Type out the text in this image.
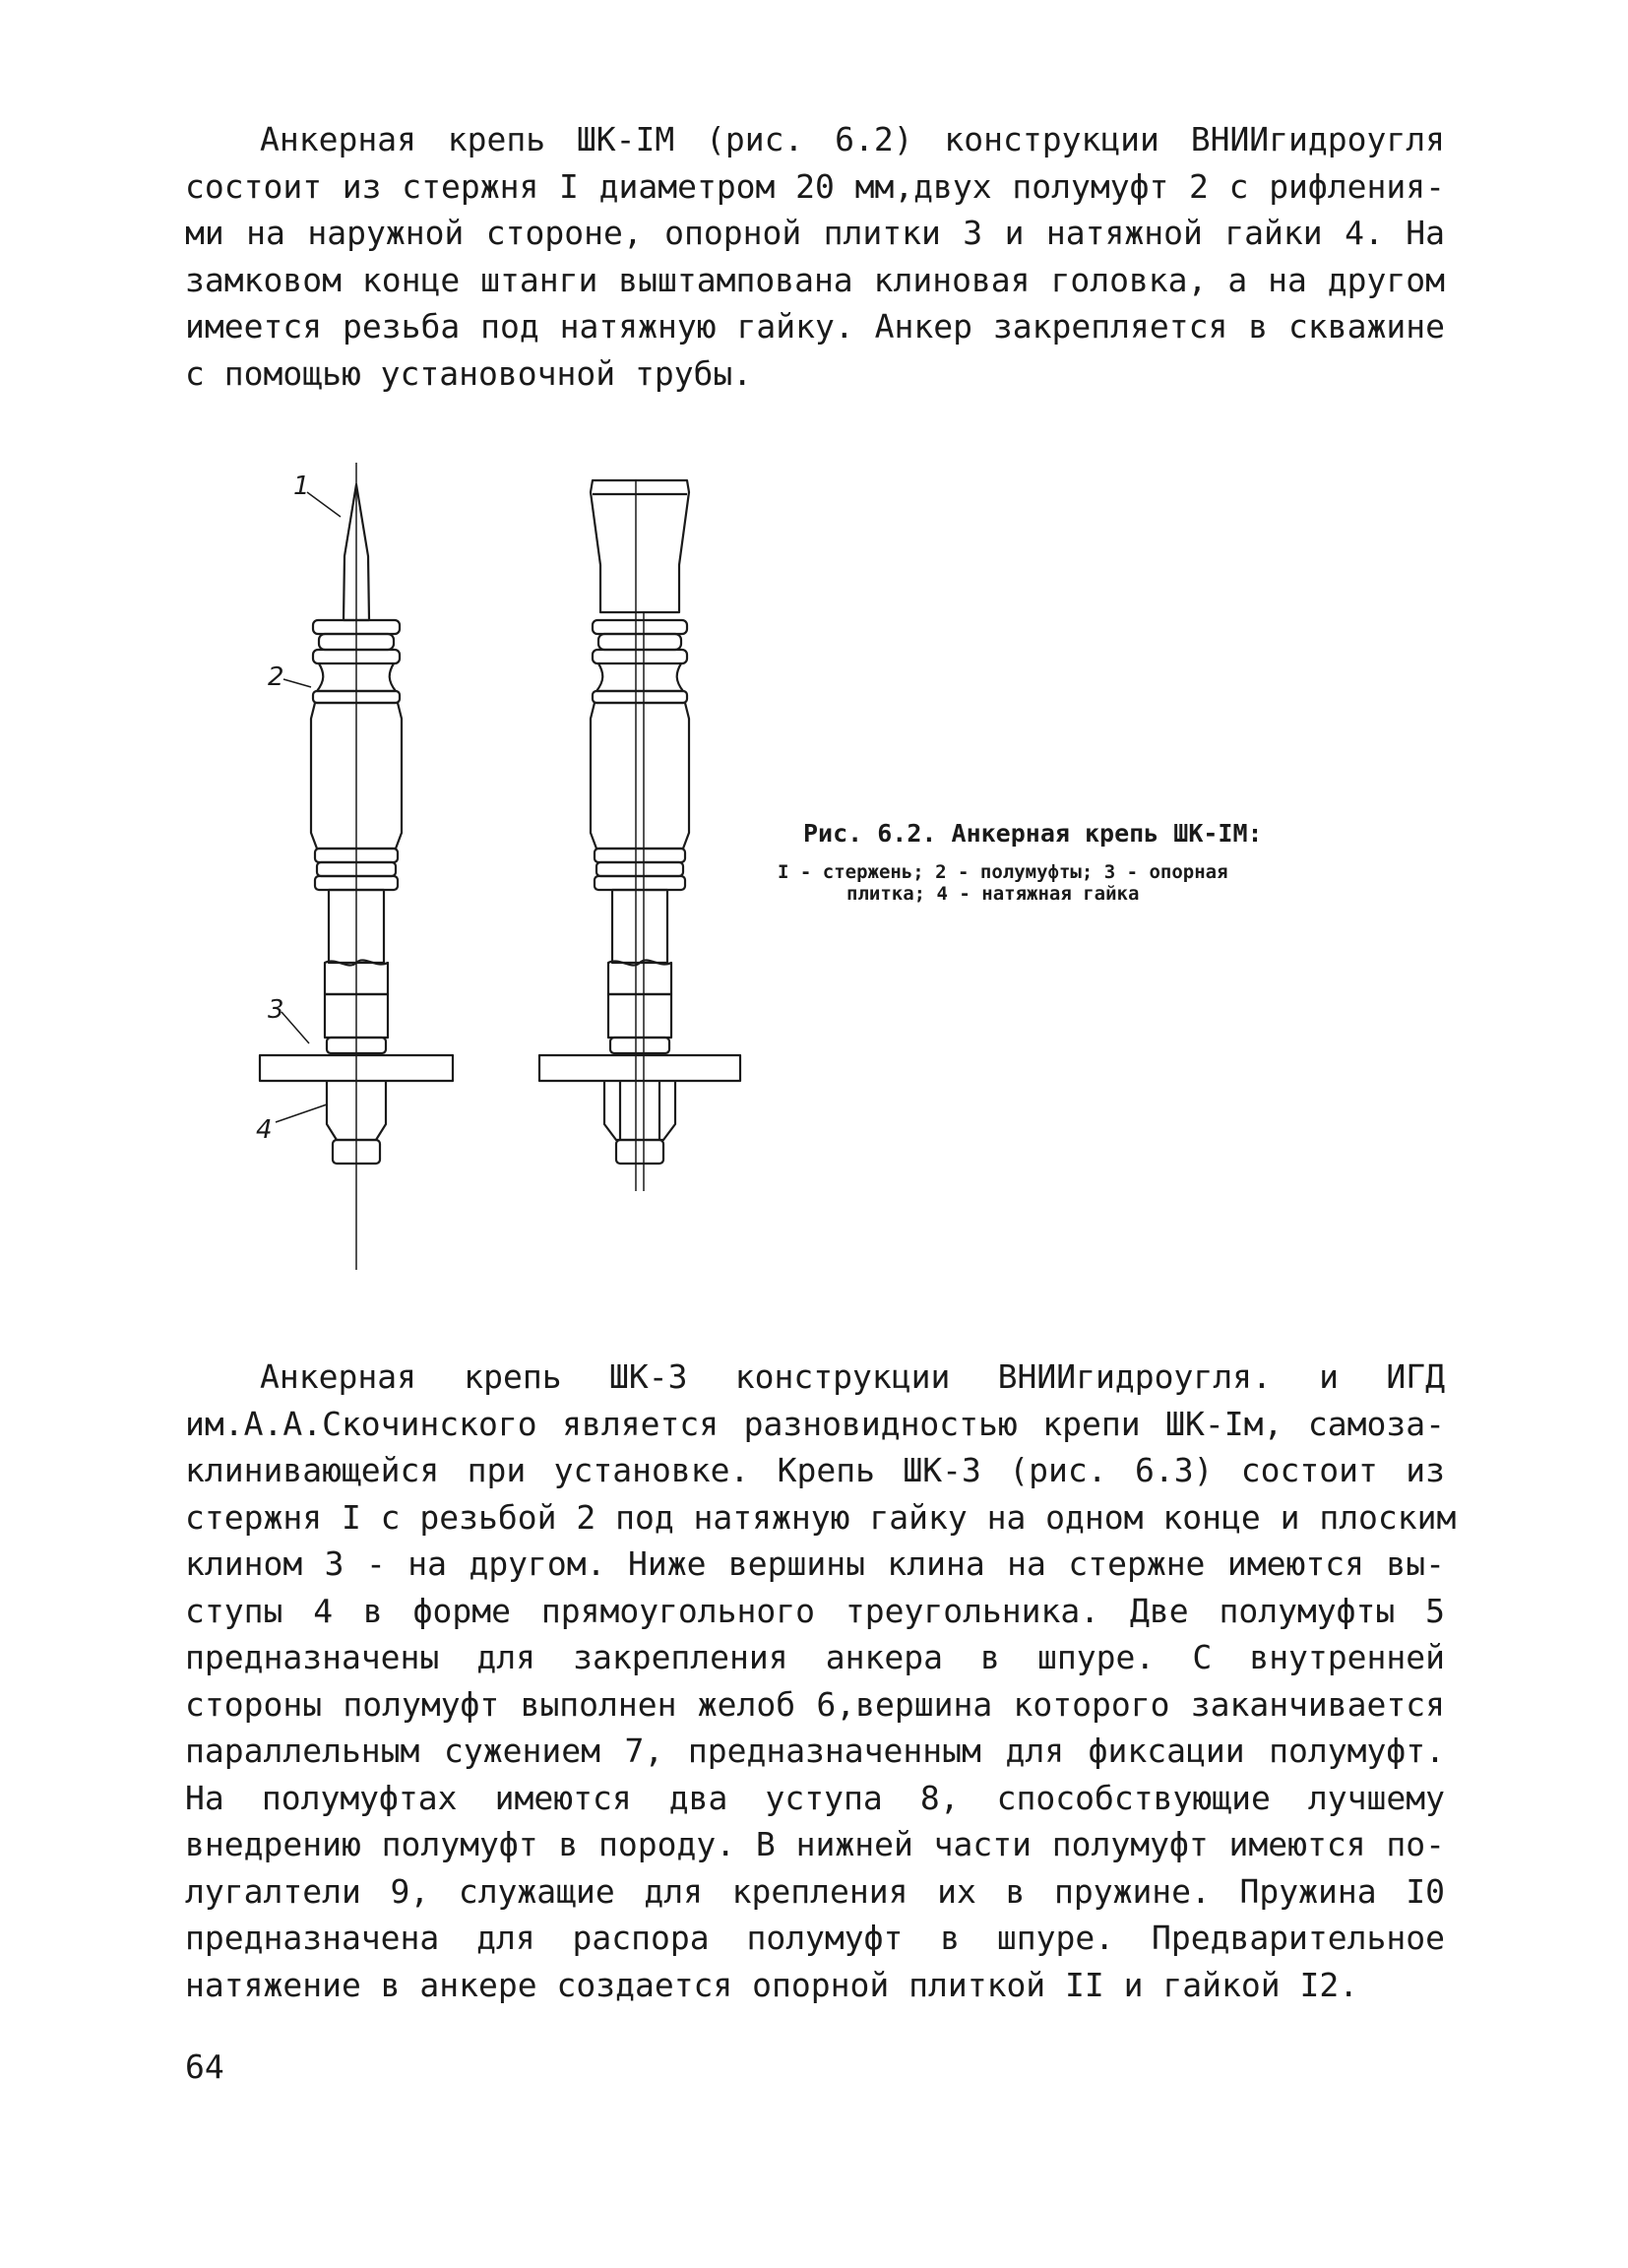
Анкерная крепь ШК-IМ (рис. 6.2) конструкции ВНИИгидроугля
состоит из стержня I диаметром 20 мм,двух полумуфт 2 с рифления-
ми на наружной стороне, опорной плитки 3 и натяжной гайки 4. На
замковом конце штанги выштампована клиновая головка, а на другом
имеется резьба под натяжную гайку. Анкер закрепляется в скважине
с помощью установочной трубы.
1
2
3
4
Рис. 6.2. Анкерная крепь ШК-IМ:
I - стержень; 2 - полумуфты; 3 - опорная
плитка; 4 - натяжная гайка
Анкерная крепь ШК-3 конструкции ВНИИгидроугля. и ИГД
им.А.А.Скочинского является разновидностью крепи ШК-Iм, самоза-
клинивающейся при установке. Крепь ШК-3 (рис. 6.3) состоит из
стержня I с резьбой 2 под натяжную гайку на одном конце и плоским
клином 3 - на другом. Ниже вершины клина на стержне имеются вы-
ступы 4 в форме прямоугольного треугольника. Две полумуфты 5
предназначены для закрепления анкера в шпуре. С внутренней
стороны полумуфт выполнен желоб 6,вершина которого заканчивается
параллельным сужением 7, предназначенным для фиксации полумуфт.
На полумуфтах имеются два уступа 8, способствующие лучшему
внедрению полумуфт в породу. В нижней части полумуфт имеются по-
лугалтели 9, служащие для крепления их в пружине. Пружина I0
предназначена для распора полумуфт в шпуре. Предварительное
натяжение в анкере создается опорной плиткой II и гайкой I2.
64
